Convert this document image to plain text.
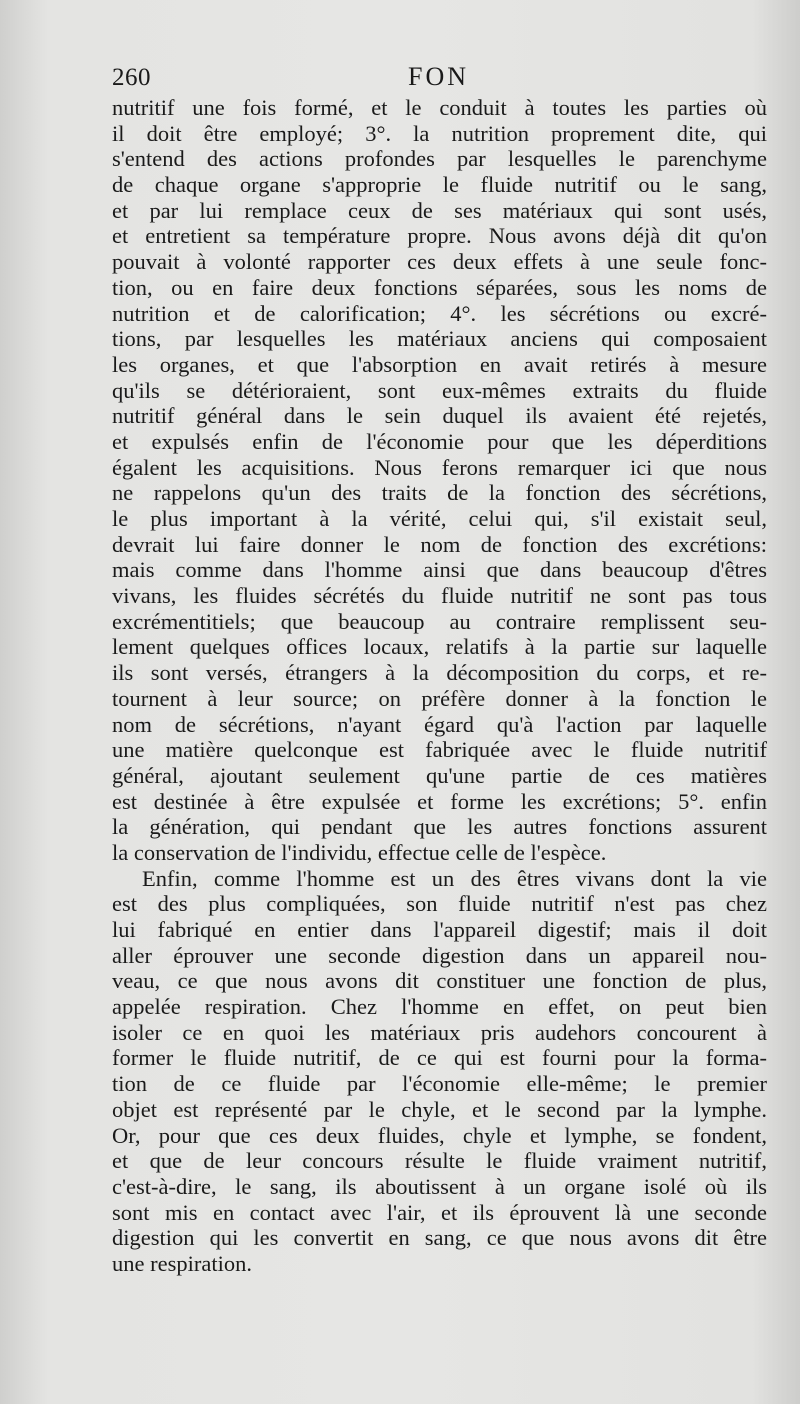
260	FON
nutritif une fois formé, et le conduit à toutes les parties où
il doit être employé; 3°. la nutrition proprement dite, qui
s'entend des actions profondes par lesquelles le parenchyme
de chaque organe s'approprie le fluide nutritif ou le sang,
et par lui remplace ceux de ses matériaux qui sont usés,
et entretient sa température propre. Nous avons déjà dit qu'on
pouvait à volonté rapporter ces deux effets à une seule fonc-
tion, ou en faire deux fonctions séparées, sous les noms de
nutrition et de calorification; 4°. les sécrétions ou excré-
tions, par lesquelles les matériaux anciens qui composaient
les organes, et que l'absorption en avait retirés à mesure
qu'ils se détérioraient, sont eux-mêmes extraits du fluide
nutritif général dans le sein duquel ils avaient été rejetés,
et expulsés enfin de l'économie pour que les déperditions
égalent les acquisitions. Nous ferons remarquer ici que nous
ne rappelons qu'un des traits de la fonction des sécrétions,
le plus important à la vérité, celui qui, s'il existait seul,
devrait lui faire donner le nom de fonction des excrétions:
mais comme dans l'homme ainsi que dans beaucoup d'êtres
vivans, les fluides sécrétés du fluide nutritif ne sont pas tous
excrémentitiels; que beaucoup au contraire remplissent seu-
lement quelques offices locaux, relatifs à la partie sur laquelle
ils sont versés, étrangers à la décomposition du corps, et re-
tournent à leur source; on préfère donner à la fonction le
nom de sécrétions, n'ayant égard qu'à l'action par laquelle
une matière quelconque est fabriquée avec le fluide nutritif
général, ajoutant seulement qu'une partie de ces matières
est destinée à être expulsée et forme les excrétions; 5°. enfin
la génération, qui pendant que les autres fonctions assurent
la conservation de l'individu, effectue celle de l'espèce.
Enfin, comme l'homme est un des êtres vivans dont la vie
est des plus compliquées, son fluide nutritif n'est pas chez
lui fabriqué en entier dans l'appareil digestif; mais il doit
aller éprouver une seconde digestion dans un appareil nou-
veau, ce que nous avons dit constituer une fonction de plus,
appelée respiration. Chez l'homme en effet, on peut bien
isoler ce en quoi les matériaux pris audehors concourent à
former le fluide nutritif, de ce qui est fourni pour la forma-
tion de ce fluide par l'économie elle-même; le premier
objet est représenté par le chyle, et le second par la lymphe.
Or, pour que ces deux fluides, chyle et lymphe, se fondent,
et que de leur concours résulte le fluide vraiment nutritif,
c'est-à-dire, le sang, ils aboutissent à un organe isolé où ils
sont mis en contact avec l'air, et ils éprouvent là une seconde
digestion qui les convertit en sang, ce que nous avons dit être
une respiration.
